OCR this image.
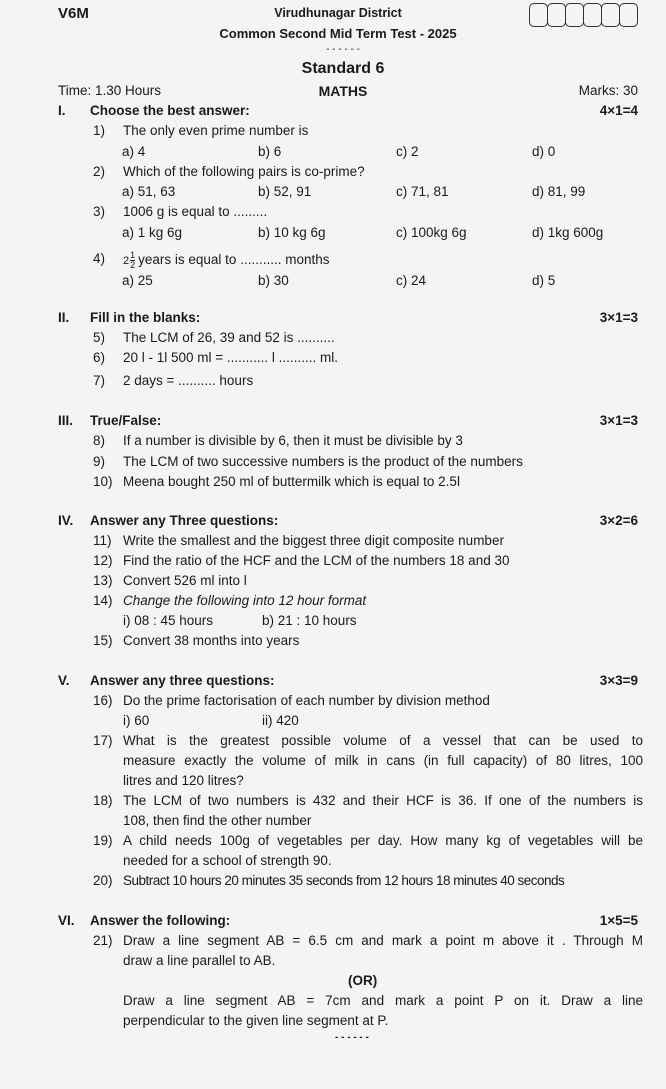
V6M	Virudhunagar District
Common Second Mid Term Test - 2025
- - - - - -
Standard 6
Time: 1.30 Hours	MATHS	Marks: 30
I. Choose the best answer:	4×1=4
1) The only even prime number is
a) 4	b) 6	c) 2	d) 0
2) Which of the following pairs is co-prime?
a) 51, 63	b) 52, 91	c) 71, 81	d) 81, 99
3) 1006 g is equal to .........
a) 1 kg 6g	b) 10 kg 6g	c) 100kg 6g	d) 1kg 600g
4) $2 \frac{1}{2}$ years is equal to ........... months
a) 25	b) 30	c) 24	d) 5
II. Fill in the blanks:	3×1=3
5) The LCM of 26, 39 and 52 is ..........
6) 20 l - 1l 500 ml = ........... l .......... ml.
7) 2 days = .......... hours
III. True/False:	3×1=3
8) If a number is divisible by 6, then it must be divisible by 3
9) The LCM of two successive numbers is the product of the numbers
10) Meena bought 250 ml of buttermilk which is equal to 2.5l
IV. Answer any Three questions:	3×2=6
11) Write the smallest and the biggest three digit composite number
12) Find the ratio of the HCF and the LCM of the numbers 18 and 30
13) Convert 526 ml into l
14) Change the following into 12 hour format
15) Convert 38 months into years
i) 08 : 45 hours	b) 21 : 10 hours
V. Answer any three questions:	3×3=9
16) Do the prime factorisation of each number by division method
i) 60	ii) 420
17) What is the greatest possible volume of a vessel that can be used to
measure exactly the volume of milk in cans (in full capacity) of 80 litres, 100
litres and 120 litres?
18) The LCM of two numbers is 432 and their HCF is 36. If one of the numbers is
108, then find the other number
19) A child needs 100g of vegetables per day. How many kg of vegetables will be
needed for a school of strength 90.
20) Subtract 10 hours 20 minutes 35 seconds from 12 hours 18 minutes 40 seconds
VI. Answer the following:	1×5=5
21) Draw a line segment AB = 6.5 cm and mark a point m above it . Through M
draw a line parallel to AB.
(OR)
Draw a line segment AB = 7cm and mark a point P on it. Draw a line
perpendicular to the given line segment at P.
- - - - - -
